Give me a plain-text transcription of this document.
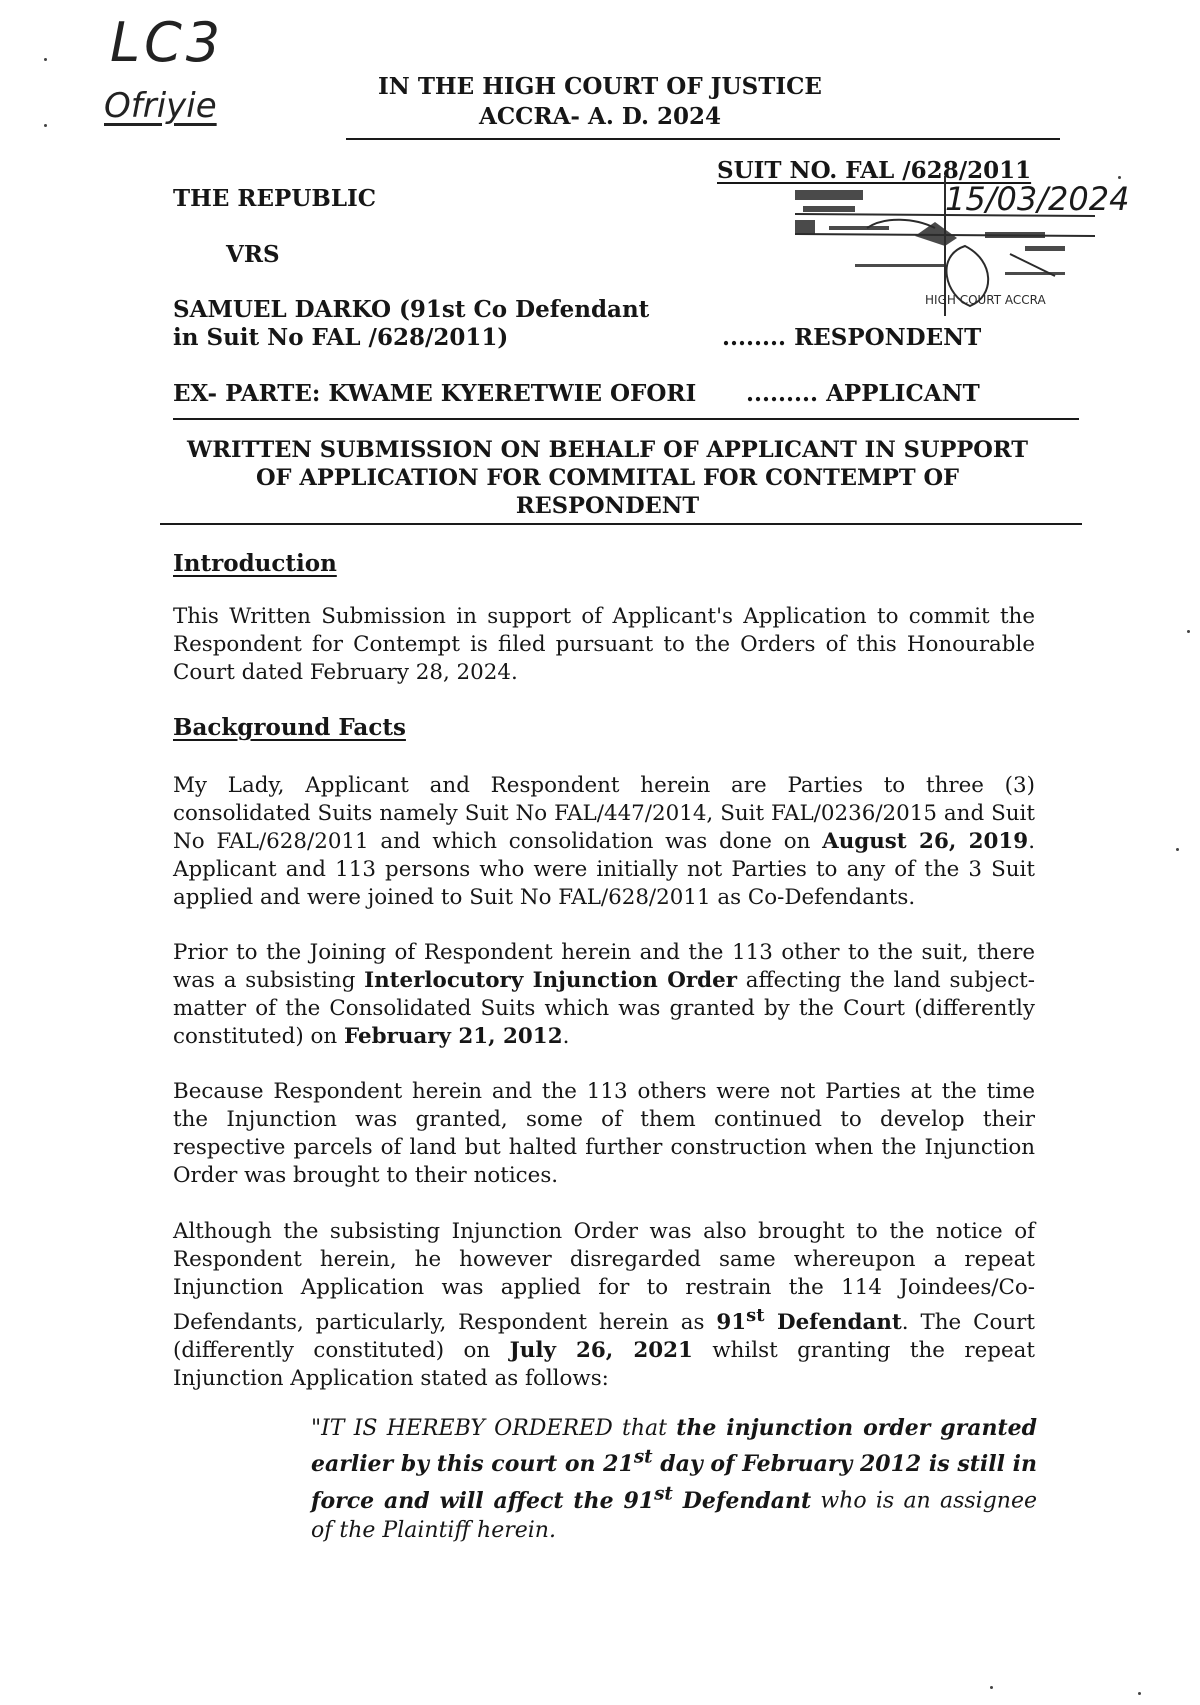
LC3
Ofriyie	IN THE HIGH COURT OF JUSTICE
ACCRA- A. D. 2024
SUIT NO. FAL /628/2011
15/03/2024
HIGH COURT ACCRA
THE REPUBLIC
VRS
SAMUEL DARKO (91st Co Defendant
in Suit No FAL /628/2011)	........ RESPONDENT
EX- PARTE: KWAME KYERETWIE OFORI ......... APPLICANT
WRITTEN SUBMISSION ON BEHALF OF APPLICANT IN SUPPORT
OF APPLICATION FOR COMMITAL FOR CONTEMPT OF
RESPONDENT
Introduction
This Written Submission in support of Applicant's Application to commit the Respondent for Contempt is filed pursuant to the Orders of this Honourable Court dated February 28, 2024.
Background Facts
My Lady, Applicant and Respondent herein are Parties to three (3) consolidated Suits namely Suit No FAL/447/2014, Suit FAL/0236/2015 and Suit No FAL/628/2011 and which consolidation was done on August 26, 2019. Applicant and 113 persons who were initially not Parties to any of the 3 Suit applied and were joined to Suit No FAL/628/2011 as Co-Defendants.
Prior to the Joining of Respondent herein and the 113 other to the suit, there was a subsisting Interlocutory Injunction Order affecting the land subject-matter of the Consolidated Suits which was granted by the Court (differently constituted) on February 21, 2012.
Because Respondent herein and the 113 others were not Parties at the time the Injunction was granted, some of them continued to develop their respective parcels of land but halted further construction when the Injunction Order was brought to their notices.
Although the subsisting Injunction Order was also brought to the notice of Respondent herein, he however disregarded same whereupon a repeat Injunction Application was applied for to restrain the 114 Joindees/Co-Defendants, particularly, Respondent herein as 91st Defendant. The Court (differently constituted) on July 26, 2021 whilst granting the repeat Injunction Application stated as follows:
"IT IS HEREBY ORDERED that the injunction order granted earlier by this court on 21st day of February 2012 is still in force and will affect the 91st Defendant who is an assignee of the Plaintiff herein.
